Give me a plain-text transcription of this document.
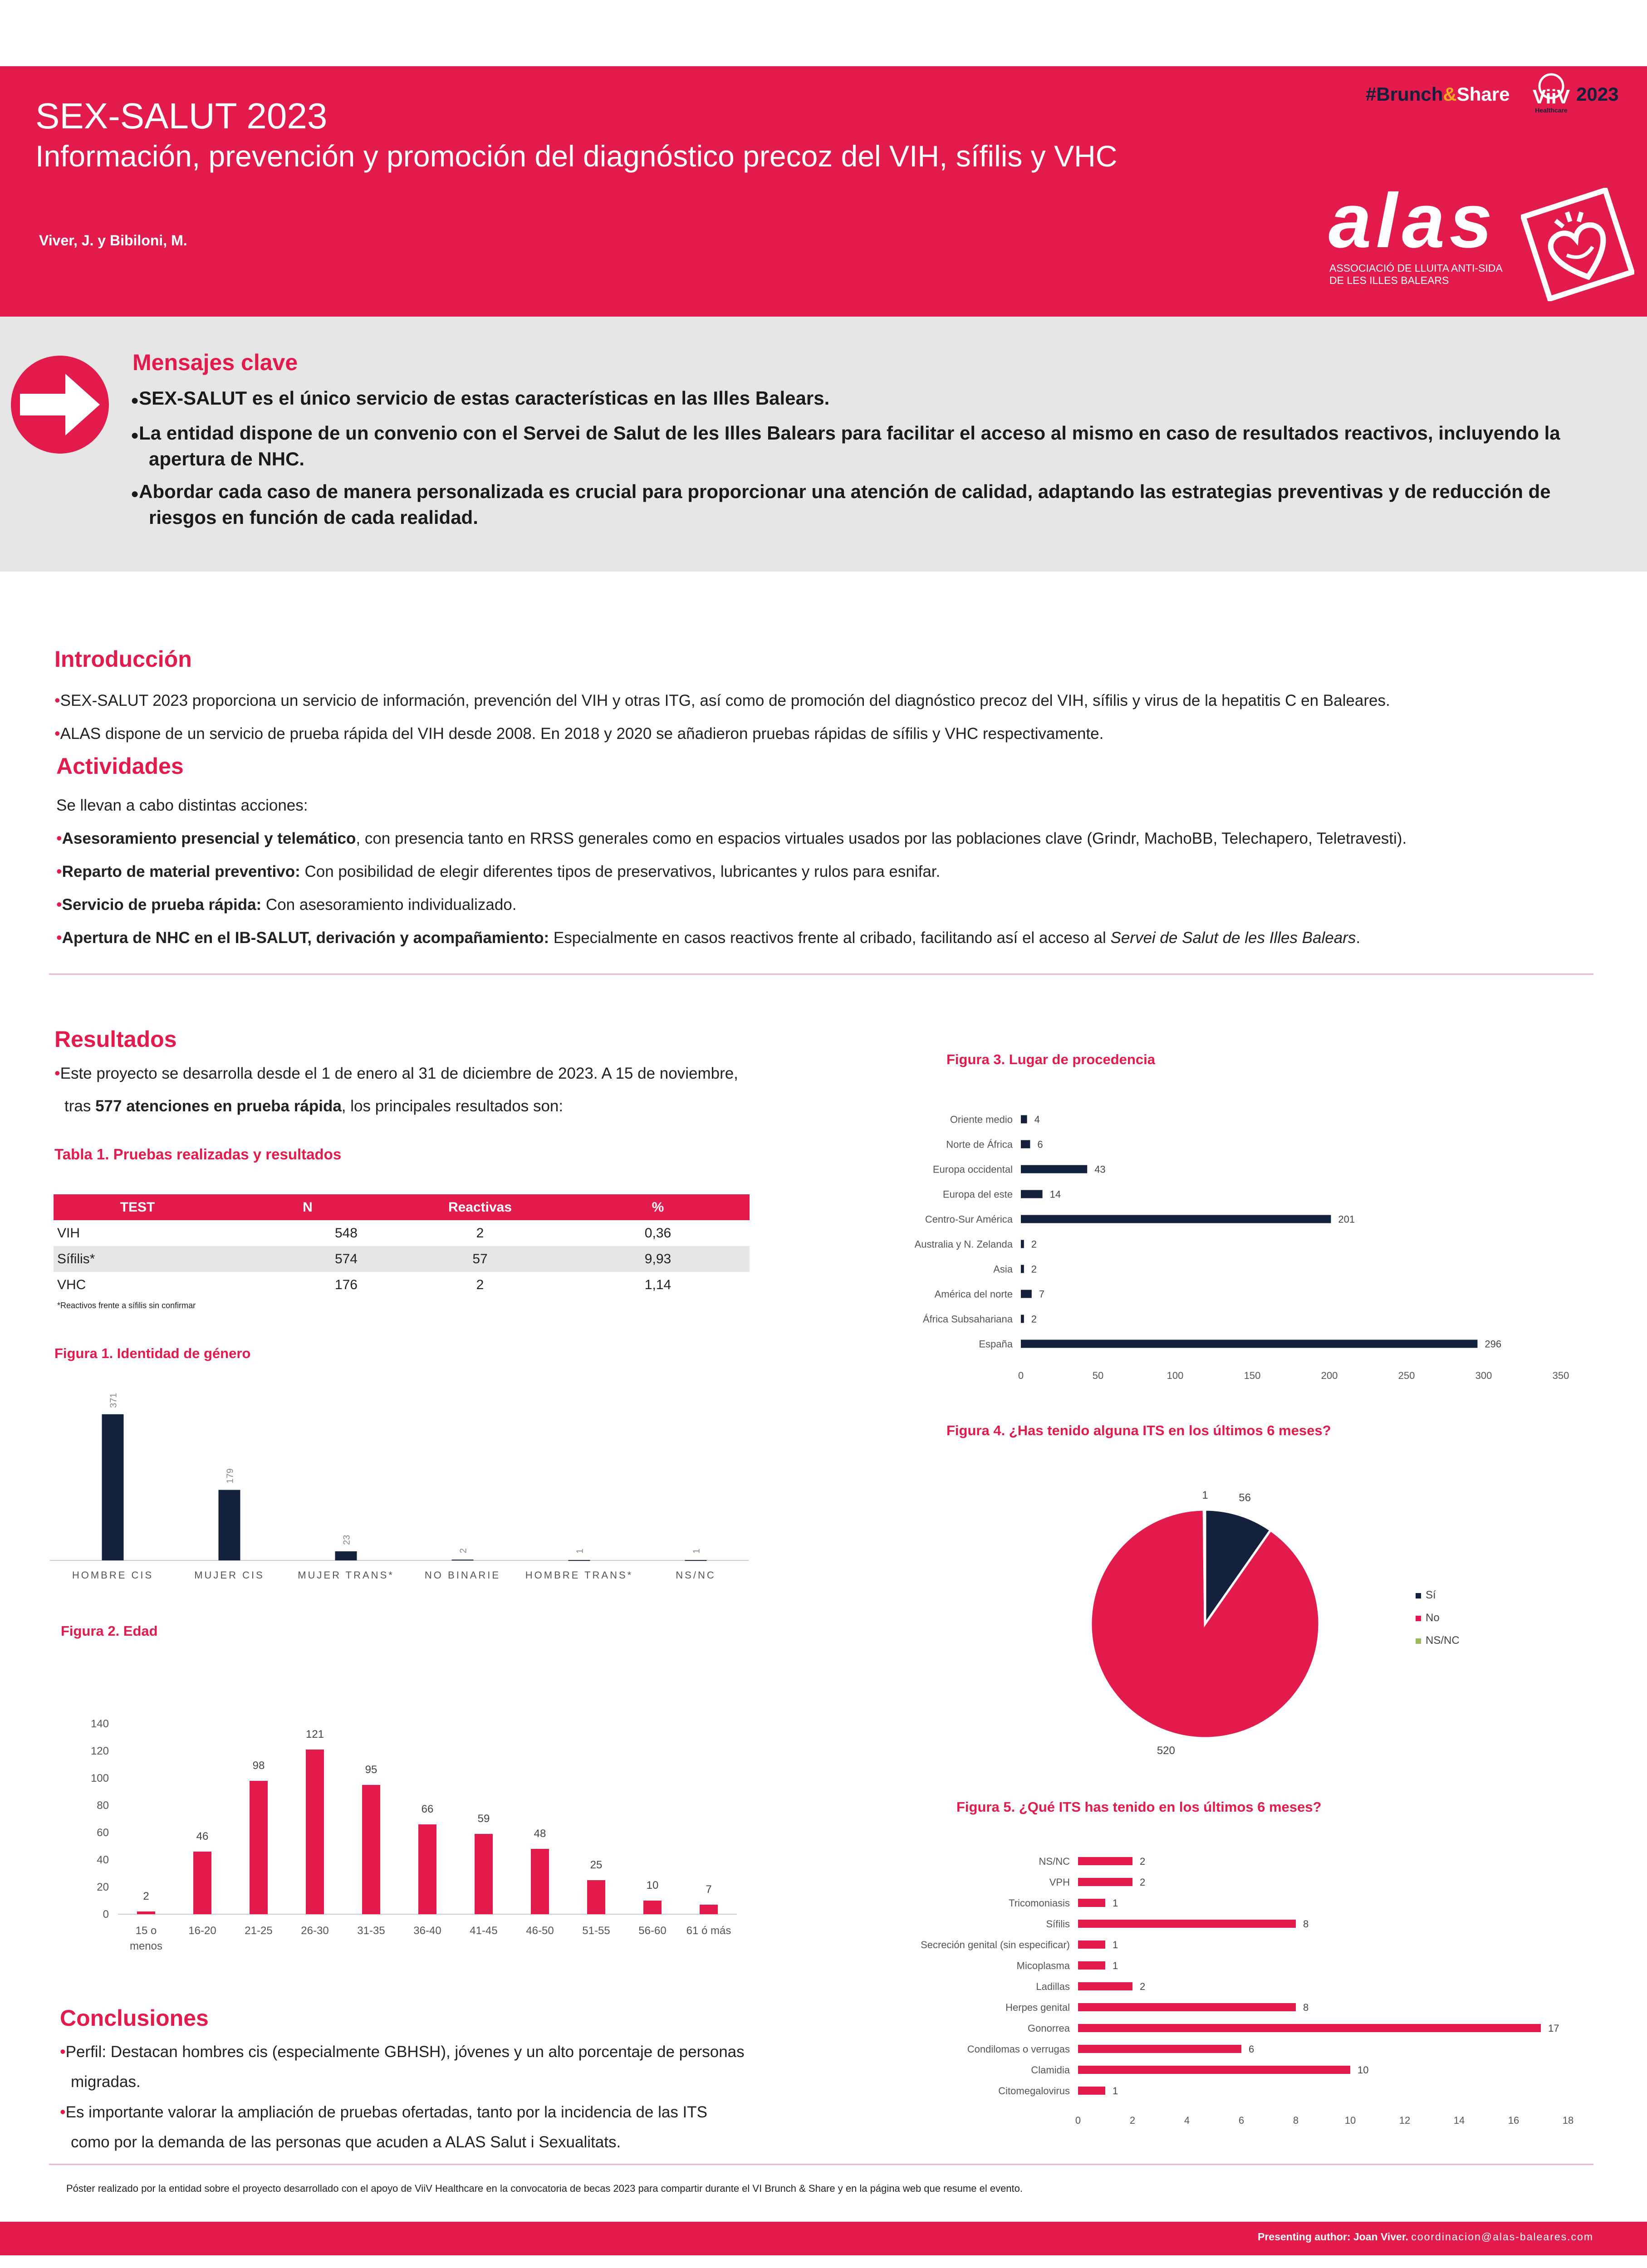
SEX-SALUT 2023
Información, prevención y promoción del diagnóstico precoz del VIH, sífilis y VHC
Viver, J. y Bibiloni, M.
#Brunch&Share ViiV
Healthcare
2023
alas
ASSOCIACIÓ DE LLUITA ANTI-SIDA
DE LES ILLES BALEARS
Mensajes clave
● SEX-SALUT es el único servicio de estas características en las Illes Balears.
● La entidad dispone de un convenio con el Servei de Salut de les Illes Balears para facilitar el acceso al mismo en caso de resultados reactivos, incluyendo la apertura de NHC.
● Abordar cada caso de manera personalizada es crucial para proporcionar una atención de calidad, adaptando las estrategias preventivas y de reducción de riesgos en función de cada realidad.
Introducción
• SEX-SALUT 2023 proporciona un servicio de información, prevención del VIH y otras ITG, así como de promoción del diagnóstico precoz del VIH, sífilis y virus de la hepatitis C en Baleares.
• ALAS dispone de un servicio de prueba rápida del VIH desde 2008. En 2018 y 2020 se añadieron pruebas rápidas de sífilis y VHC respectivamente.
Actividades
Se llevan a cabo distintas acciones:
• Asesoramiento presencial y telemático, con presencia tanto en RRSS generales como en espacios virtuales usados por las poblaciones clave (Grindr, MachoBB, Telechapero, Teletravesti).
• Reparto de material preventivo: Con posibilidad de elegir diferentes tipos de preservativos, lubricantes y rulos para esnifar.
• Servicio de prueba rápida: Con asesoramiento individualizado.
• Apertura de NHC en el IB-SALUT, derivación y acompañamiento: Especialmente en casos reactivos frente al cribado, facilitando así el acceso al Servei de Salut de les Illes Balears.
Resultados
• Este proyecto se desarrolla desde el 1 de enero al 31 de diciembre de 2023. A 15 de noviembre,
tras 577 atenciones en prueba rápida, los principales resultados son:
Tabla 1. Pruebas realizadas y resultados
TEST	N	Reactivas	%
VIH	548	2	0,36
Sífilis*	574	57	9,93
VHC	176	2	1,14
*Reactivos frente a sífilis sin confirmar
Figura 1. Identidad de género
371
HOMBRE CIS
179
MUJER CIS
23
MUJER TRANS*
2
NO BINARIE
1
HOMBRE TRANS*
1
NS/NC
Figura 2. Edad
0
20
40
60
80
100
120
140
2
15 o
menos
46
16-20
98
21-25
121
26-30
95
31-35
66
36-40
59
41-45
48
46-50
25
51-55
10
56-60
7
61 ó más
Figura 3. Lugar de procedencia
Oriente medio 4
Norte de África 6
Europa occidental	43
Europa del este	14
Centro-Sur América	201
Australia y N. Zelanda 2
Asia 2
América del norte	7
África Subsahariana 2
España	296
0	50	100	150	200	250	300	350
Figura 4. ¿Has tenido alguna ITS en los últimos 6 meses?
56
520
1
Sí
No
NS/NC
Figura 5. ¿Qué ITS has tenido en los últimos 6 meses?
NS/NC	2
VPH	2
Tricomoniasis	1
Sífilis	8
Secreción genital (sin especificar)	1
Micoplasma	1
Ladillas	2
Herpes genital	8
Gonorrea	17
Condilomas o verrugas	6
Clamidia	10
Citomegalovirus	1
0	2	4	6	8	10	12	14	16	18
Conclusiones
• Perfil: Destacan hombres cis (especialmente GBHSH), jóvenes y un alto porcentaje de personas
migradas.
• Es importante valorar la ampliación de pruebas ofertadas, tanto por la incidencia de las ITS
como por la demanda de las personas que acuden a ALAS Salut i Sexualitats.
Póster realizado por la entidad sobre el proyecto desarrollado con el apoyo de ViiV Healthcare en la convocatoria de becas 2023 para compartir durante el VI Brunch & Share y en la página web que resume el evento.
Presenting author: Joan Viver. coordinacion@alas-baleares.com
